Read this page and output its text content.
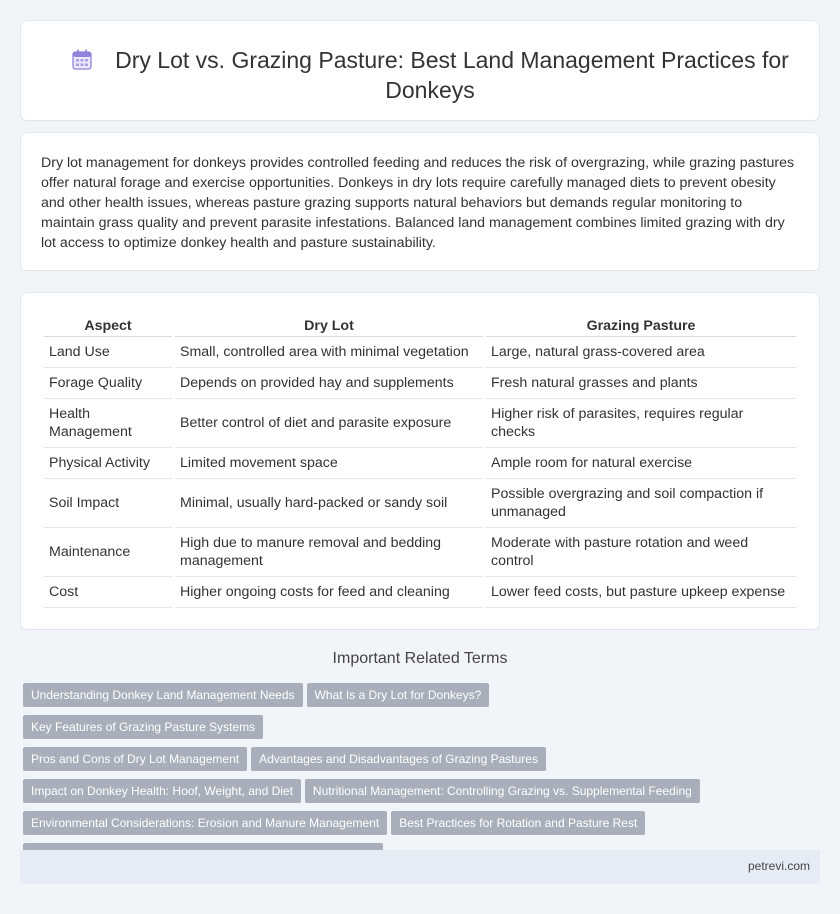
Dry Lot vs. Grazing Pasture: Best Land Management Practices for Donkeys

Dry lot management for donkeys provides controlled feeding and reduces the risk of overgrazing, while grazing pastures offer natural forage and exercise opportunities. Donkeys in dry lots require carefully managed diets to prevent obesity and other health issues, whereas pasture grazing supports natural behaviors but demands regular monitoring to maintain grass quality and prevent parasite infestations. Balanced land management combines limited grazing with dry lot access to optimize donkey health and pasture sustainability.

Aspect	Dry Lot	Grazing Pasture
Land Use	Small, controlled area with minimal vegetation	Large, natural grass-covered area
Forage Quality	Depends on provided hay and supplements	Fresh natural grasses and plants
Health Management	Better control of diet and parasite exposure	Higher risk of parasites, requires regular checks
Physical Activity	Limited movement space	Ample room for natural exercise
Soil Impact	Minimal, usually hard-packed or sandy soil	Possible overgrazing and soil compaction if unmanaged
Maintenance	High due to manure removal and bedding management	Moderate with pasture rotation and weed control
Cost	Higher ongoing costs for feed and cleaning	Lower feed costs, but pasture upkeep expense
Important Related Terms
Understanding Donkey Land Management Needs What Is a Dry Lot for Donkeys?Key Features of Grazing Pasture Systems
Pros and Cons of Dry Lot Management Advantages and Disadvantages of Grazing Pastures
Impact on Donkey Health: Hoof, Weight, and Diet Nutritional Management: Controlling Grazing vs. Supplemental Feeding
Environmental Considerations: Erosion and Manure Management Best Practices for Rotation and Pasture Rest

petrevi.com
